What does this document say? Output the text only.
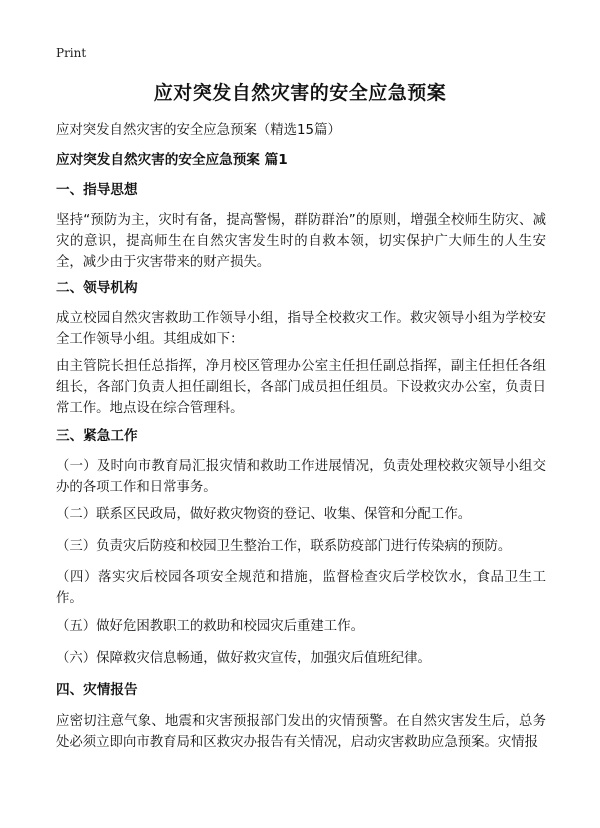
Print
应对突发自然灾害的安全应急预案
应对突发自然灾害的安全应急预案（精选15篇）
应对突发自然灾害的安全应急预案 篇1
一、指导思想
坚持“预防为主，灾时有备，提高警惕，群防群治”的原则，增强全校师生防灾、减灾的意识，提高师生在自然灾害发生时的自救本领，切实保护广大师生的人生安全，减少由于灾害带来的财产损失。
二、领导机构
成立校园自然灾害救助工作领导小组，指导全校救灾工作。救灾领导小组为学校安全工作领导小组。其组成如下：
由主管院长担任总指挥，净月校区管理办公室主任担任副总指挥，副主任担任各组组长，各部门负责人担任副组长，各部门成员担任组员。下设救灾办公室，负责日常工作。地点设在综合管理科。
三、紧急工作
（一）及时向市教育局汇报灾情和救助工作进展情况，负责处理校救灾领导小组交办的各项工作和日常事务。
（二）联系区民政局，做好救灾物资的登记、收集、保管和分配工作。
（三）负责灾后防疫和校园卫生整治工作，联系防疫部门进行传染病的预防。
（四）落实灾后校园各项安全规范和措施，监督检查灾后学校饮水，食品卫生工作。
（五）做好危困教职工的救助和校园灾后重建工作。
（六）保障救灾信息畅通，做好救灾宣传，加强灾后值班纪律。
四、灾情报告
应密切注意气象、地震和灾害预报部门发出的灾情预警。在自然灾害发生后，总务处必须立即向市教育局和区救灾办报告有关情况，启动灾害救助应急预案。灾情报
